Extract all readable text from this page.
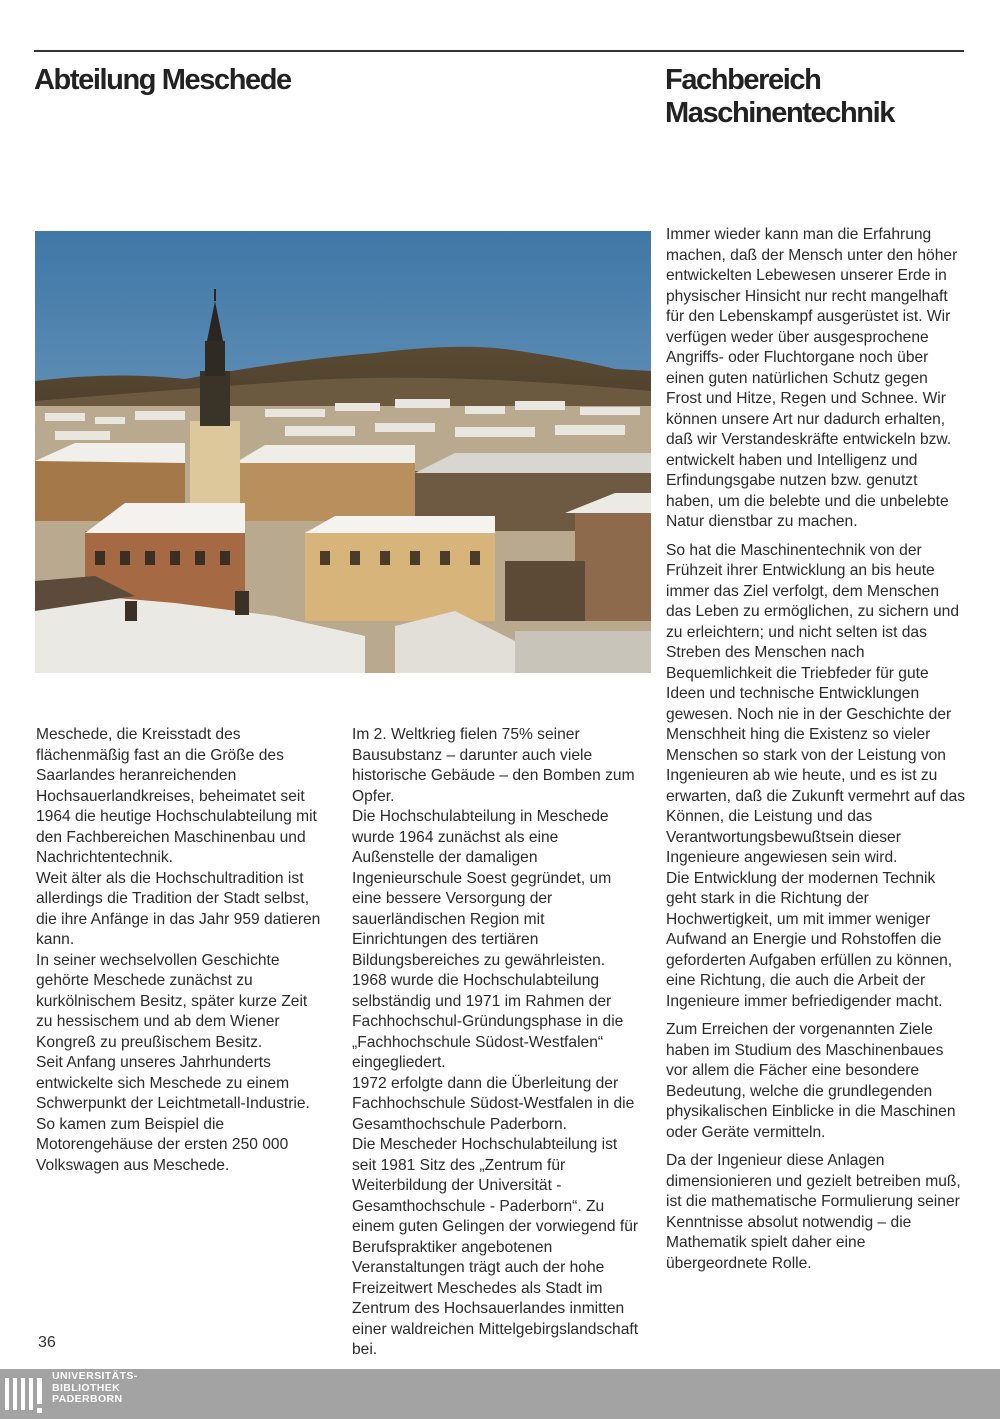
Abteilung Meschede	Fachbereich
Maschinentechnik

Meschede, die Kreisstadt des flächenmäßig fast an die Größe des Saarlandes heranreichenden Hochsauerlandkreises, beheimatet seit 1964 die heutige Hochschulabteilung mit den Fachbereichen Maschinenbau und Nachrichtentechnik.

Weit älter als die Hochschultradition ist allerdings die Tradition der Stadt selbst, die ihre Anfänge in das Jahr 959 datieren kann.

In seiner wechselvollen Geschichte gehörte Meschede zunächst zu kurkölnischem Besitz, später kurze Zeit zu hessischem und ab dem Wiener Kongreß zu preußischem Besitz.

Seit Anfang unseres Jahrhunderts entwickelte sich Meschede zu einem Schwerpunkt der Leichtmetall-Industrie. So kamen zum Beispiel die Motorengehäuse der ersten 250 000 Volkswagen aus Meschede.

Im 2. Weltkrieg fielen 75% seiner Bausubstanz – darunter auch viele historische Gebäude – den Bomben zum Opfer.

Die Hochschulabteilung in Meschede wurde 1964 zunächst als eine Außenstelle der damaligen Ingenieurschule Soest gegründet, um eine bessere Versorgung der sauerländischen Region mit Einrichtungen des tertiären Bildungsbereiches zu gewährleisten.

1968 wurde die Hochschulabteilung selbständig und 1971 im Rahmen der Fachhochschul-Gründungsphase in die „Fachhochschule Südost-Westfalen“ eingegliedert.

1972 erfolgte dann die Überleitung der Fachhochschule Südost-Westfalen in die Gesamthochschule Paderborn.

Die Mescheder Hochschulabteilung ist seit 1981 Sitz des „Zentrum für Weiterbildung der Universität - Gesamthochschule - Paderborn“. Zu einem guten Gelingen der vorwiegend für Berufspraktiker angebotenen Veranstaltungen trägt auch der hohe Freizeitwert Meschedes als Stadt im Zentrum des Hochsauerlandes inmitten einer waldreichen Mittelgebirgslandschaft bei.

Immer wieder kann man die Erfahrung machen, daß der Mensch unter den höher entwickelten Lebewesen unserer Erde in physischer Hinsicht nur recht mangelhaft für den Lebenskampf ausgerüstet ist. Wir verfügen weder über ausgesprochene Angriffs- oder Fluchtorgane noch über einen guten natürlichen Schutz gegen Frost und Hitze, Regen und Schnee. Wir können unsere Art nur dadurch erhalten, daß wir Verstandeskräfte entwickeln bzw. entwickelt haben und Intelligenz und Erfindungsgabe nutzen bzw. genutzt haben, um die belebte und die unbelebte Natur dienstbar zu machen.

So hat die Maschinentechnik von der Frühzeit ihrer Entwicklung an bis heute immer das Ziel verfolgt, dem Menschen das Leben zu ermöglichen, zu sichern und zu erleichtern; und nicht selten ist das Streben des Menschen nach Bequemlichkeit die Triebfeder für gute Ideen und technische Entwicklungen gewesen. Noch nie in der Geschichte der Menschheit hing die Existenz so vieler Menschen so stark von der Leistung von Ingenieuren ab wie heute, und es ist zu erwarten, daß die Zukunft vermehrt auf das Können, die Leistung und das Verantwortungsbewußtsein dieser Ingenieure angewiesen sein wird.

Die Entwicklung der modernen Technik geht stark in die Richtung der Hochwertigkeit, um mit immer weniger Aufwand an Energie und Rohstoffen die geforderten Aufgaben erfüllen zu können, eine Richtung, die auch die Arbeit der Ingenieure immer befriedigender macht.

Zum Erreichen der vorgenannten Ziele haben im Studium des Maschinenbaues vor allem die Fächer eine besondere Bedeutung, welche die grundlegenden physikalischen Einblicke in die Maschinen oder Geräte vermitteln.

Da der Ingenieur diese Anlagen dimensionieren und gezielt betreiben muß, ist die mathematische Formulierung seiner Kenntnisse absolut notwendig – die Mathematik spielt daher eine übergeordnete Rolle.

36
UNIVERSITÄTS-
BIBLIOTHEK
PADERBORN
